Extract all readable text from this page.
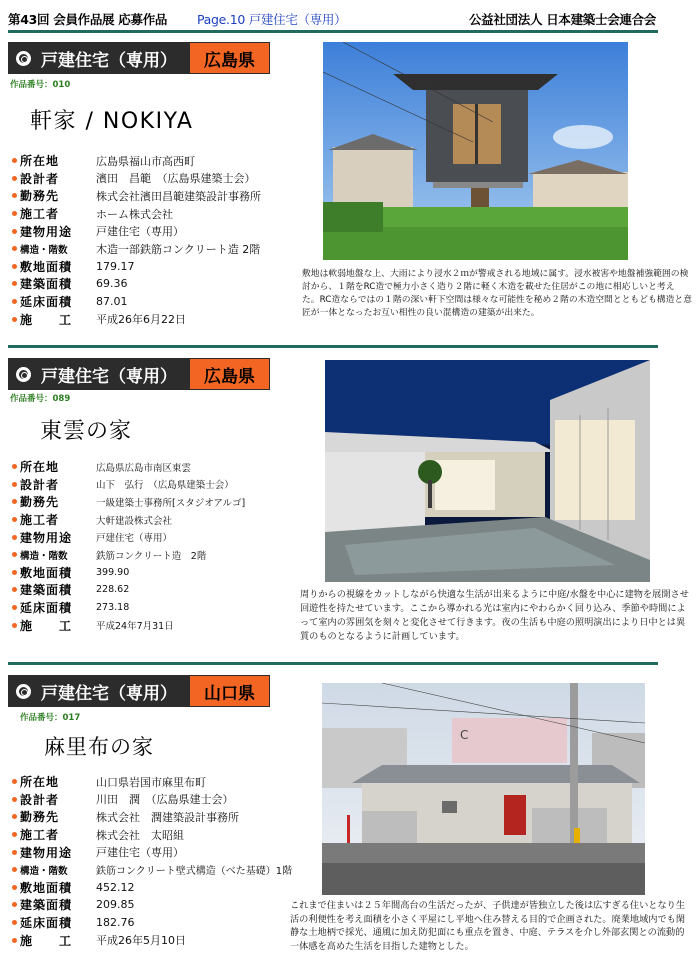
第43回 会員作品展 応募作品 Page.10 戸建住宅（専用）	公益社団法人 日本建築士会連合会
戸建住宅（専用）	広島県
作品番号：010
軒家 / NOKIYA
所在地	広島県福山市高西町
設計者	濱田　昌範　（広島県建築士会）
勤務先	株式会社濱田昌範建築設計事務所
施工者	ホーム株式会社
建物用途	戸建住宅（専用）
構造・階数	木造一部鉄筋コンクリート造 2階
敷地面積	179.17
建築面積	69.36
延床面積	87.01
施　　工	平成26年6月22日
敷地は軟弱地盤な上、大雨により浸水２ｍが警戒される地域に属す。浸水被害や地盤補強範囲の検討から、１階をRC造で極力小さく造り２階に軽く木造を載せた住居がこの地に相応しいと考えた。RC造ならではの１階の深い軒下空間は様々な可能性を秘め２階の木造空間とともども構造と意匠が一体となったお互い相性の良い混構造の建築が出来た。
戸建住宅（専用）	広島県
作品番号：089
東雲の家
所在地	広島県広島市南区東雲
設計者	山下　弘行　（広島県建築士会）
勤務先	一級建築士事務所[スタジオアルゴ]
施工者	大軒建設株式会社
建物用途	戸建住宅（専用）
構造・階数	鉄筋コンクリート造　2階
敷地面積	399.90
建築面積	228.62
延床面積	273.18
施　　工	平成24年7月31日
周りからの視線をカットしながら快適な生活が出来るように中庭/水盤を中心に建物を展開させ回遊性を持たせています。ここから導かれる光は室内にやわらかく回り込み、季節や時間によって室内の雰囲気を刻々と変化させて行きます。夜の生活も中庭の照明演出により日中とは異質のものとなるように計画しています。
戸建住宅（専用）	山口県
作品番号：017
麻里布の家
所在地	山口県岩国市麻里布町
設計者	川田　潤　（広島県建士会）
勤務先	株式会社　潤建築設計事務所
施工者	株式会社　太昭組
建物用途	戸建住宅（専用）
構造・階数	鉄筋コンクリート壁式構造（べた基礎）1階
敷地面積	452.12
建築面積	209.85
延床面積	182.76
施　　工	平成26年5月10日
C
これまで住まいは２５年間高台の生活だったが、子供達が皆独立した後は広すぎる住いとなり生活の利便性を考え面積を小さく平屋にし平地へ住み替える目的で企画された。廃業地域内でも閑静な土地柄で採光、通風に加え防犯面にも重点を置き、中庭、テラスを介し外部玄関との流動的一体感を高めた生活を目指した建物とした。
